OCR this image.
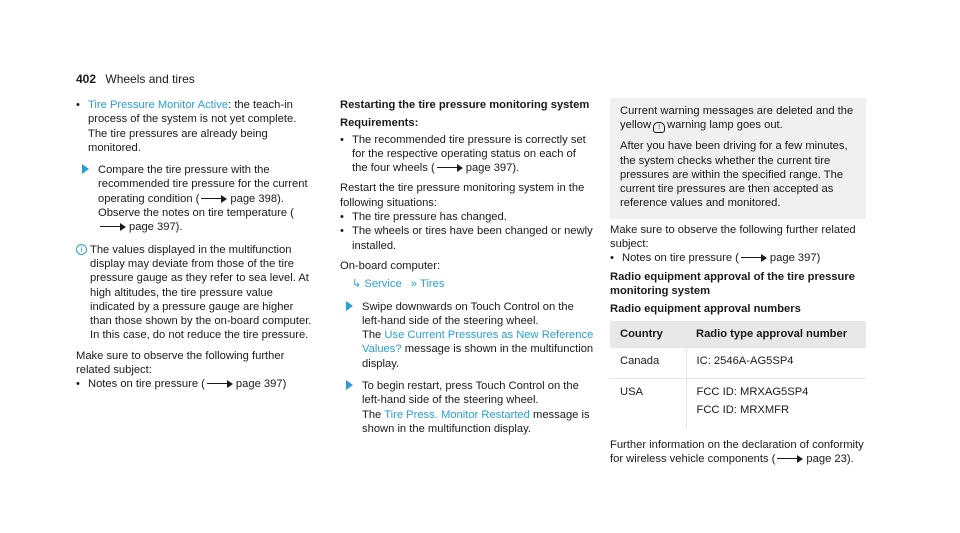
402 Wheels and tires
• Tire Pressure Monitor Active: the teach-in process of the system is not yet complete. The tire pressures are already being monitored.
Compare the tire pressure with the recommended tire pressure for the current operating condition (	page 398). Observe the notes on tire temperature (page 397).
i The values displayed in the multifunction display may deviate from those of the tire pressure gauge as they refer to sea level. At high altitudes, the tire pressure value indicated by a pressure gauge are higher than those shown by the on-board computer. In this case, do not reduce the tire pressure.
Make sure to observe the following further related subject:
• Notes on tire pressure (	page 397)
Restarting the tire pressure monitoring system
Requirements:
• The recommended tire pressure is correctly set for the respective operating status on each of the four wheels (	page 397).
Restart the tire pressure monitoring system in the following situations:
• The tire pressure has changed.
• The wheels or tires have been changed or newly installed.
On-board computer:
↳ Service » Tires
Swipe downwards on Touch Control on the left-hand side of the steering wheel.
The Use Current Pressures as New Reference Values? message is shown in the multifunction display.
To begin restart, press Touch Control on the left-hand side of the steering wheel.
The Tire Press. Monitor Restarted message is shown in the multifunction display.
Current warning messages are deleted and the yellow ! warning lamp goes out.
After you have been driving for a few minutes, the system checks whether the current tire pressures are within the specified range. The current tire pressures are then accepted as reference values and monitored.
Make sure to observe the following further related subject:
• Notes on tire pressure (	page 397)
Radio equipment approval of the tire pressure monitoring system
Radio equipment approval numbers
Country	Radio type approval number
Canada	IC: 2546A-AG5SP4

USA	FCC ID: MRXAG5SP4
FCC ID: MRXMFR
Further information on the declaration of conformity for wireless vehicle components (	page 23).
